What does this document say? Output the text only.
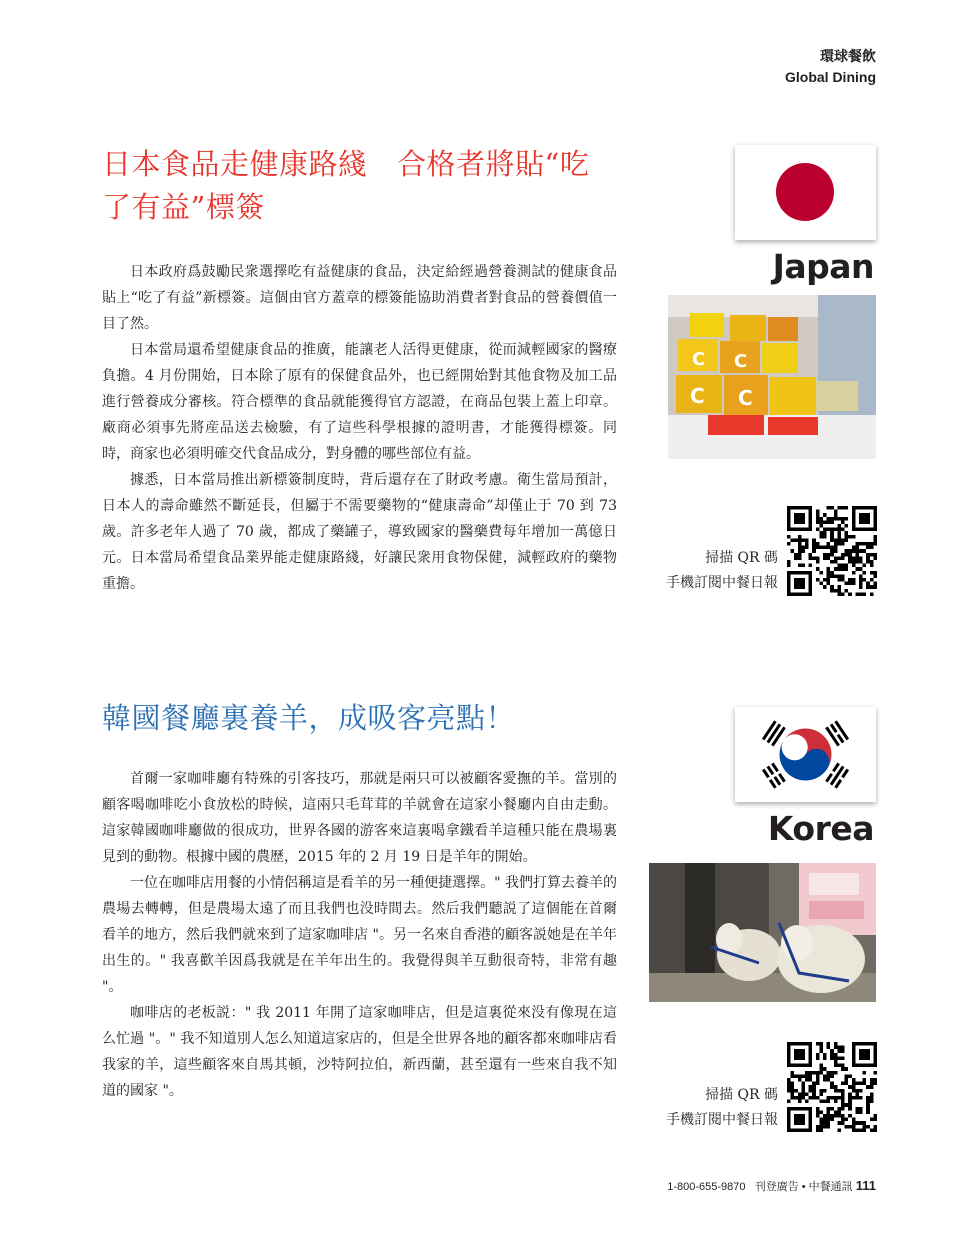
環球餐飲
Global Dining
日本食品走健康路綫　合格者將貼“吃
了有益”標簽

日本政府爲鼓勵民衆選擇吃有益健康的食品，決定給經過營養測試的健康食品貼上“吃了有益”新標簽。這個由官方蓋章的標簽能協助消費者對食品的營養價值一目了然。

日本當局還希望健康食品的推廣，能讓老人活得更健康，從而減輕國家的醫療負擔。4 月份開始，日本除了原有的保健食品外，也已經開始對其他食物及加工品進行營養成分審核。符合標準的食品就能獲得官方認證，在商品包裝上蓋上印章。廠商必須事先將産品送去檢驗，有了這些科學根據的證明書，才能獲得標簽。同時，商家也必須明確交代食品成分，對身體的哪些部位有益。

據悉，日本當局推出新標簽制度時，背后還存在了財政考慮。衛生當局預計，日本人的壽命雖然不斷延長，但屬于不需要藥物的“健康壽命”却僅止于 70 到 73 歲。許多老年人過了 70 歲，都成了藥罐子，導致國家的醫藥費每年增加一萬億日元。日本當局希望食品業界能走健康路綫，好讓民衆用食物保健，減輕政府的藥物重擔。

Japan
C C
C C
掃描 QR 碼
手機訂閱中餐日報
韓國餐廳裏養羊，成吸客亮點！

首爾一家咖啡廳有特殊的引客技巧，那就是兩只可以被顧客愛撫的羊。當別的顧客喝咖啡吃小食放松的時候，這兩只毛茸茸的羊就會在這家小餐廳内自由走動。這家韓國咖啡廳做的很成功，世界各國的游客來這裏喝拿鐵看羊這種只能在農場裏見到的動物。根據中國的農歷，2015 年的 2 月 19 日是羊年的開始。

一位在咖啡店用餐的小情侶稱這是看羊的另一種便捷選擇。" 我們打算去養羊的農場去轉轉，但是農場太遠了而且我們也没時間去。然后我們聽説了這個能在首爾看羊的地方，然后我們就來到了這家咖啡店 "。另一名來自香港的顧客説她是在羊年出生的。" 我喜歡羊因爲我就是在羊年出生的。我覺得與羊互動很奇特，非常有趣 "。

咖啡店的老板説：" 我 2011 年開了這家咖啡店，但是這裏從來没有像現在這么忙過 "。" 我不知道別人怎么知道這家店的，但是全世界各地的顧客都來咖啡店看我家的羊，這些顧客來自馬其頓，沙特阿拉伯，新西蘭，甚至還有一些來自我不知道的國家 "。

Korea
掃描 QR 碼
手機訂閱中餐日報
1-800-655-9870 刊登廣告 • 中餐通訊 111
